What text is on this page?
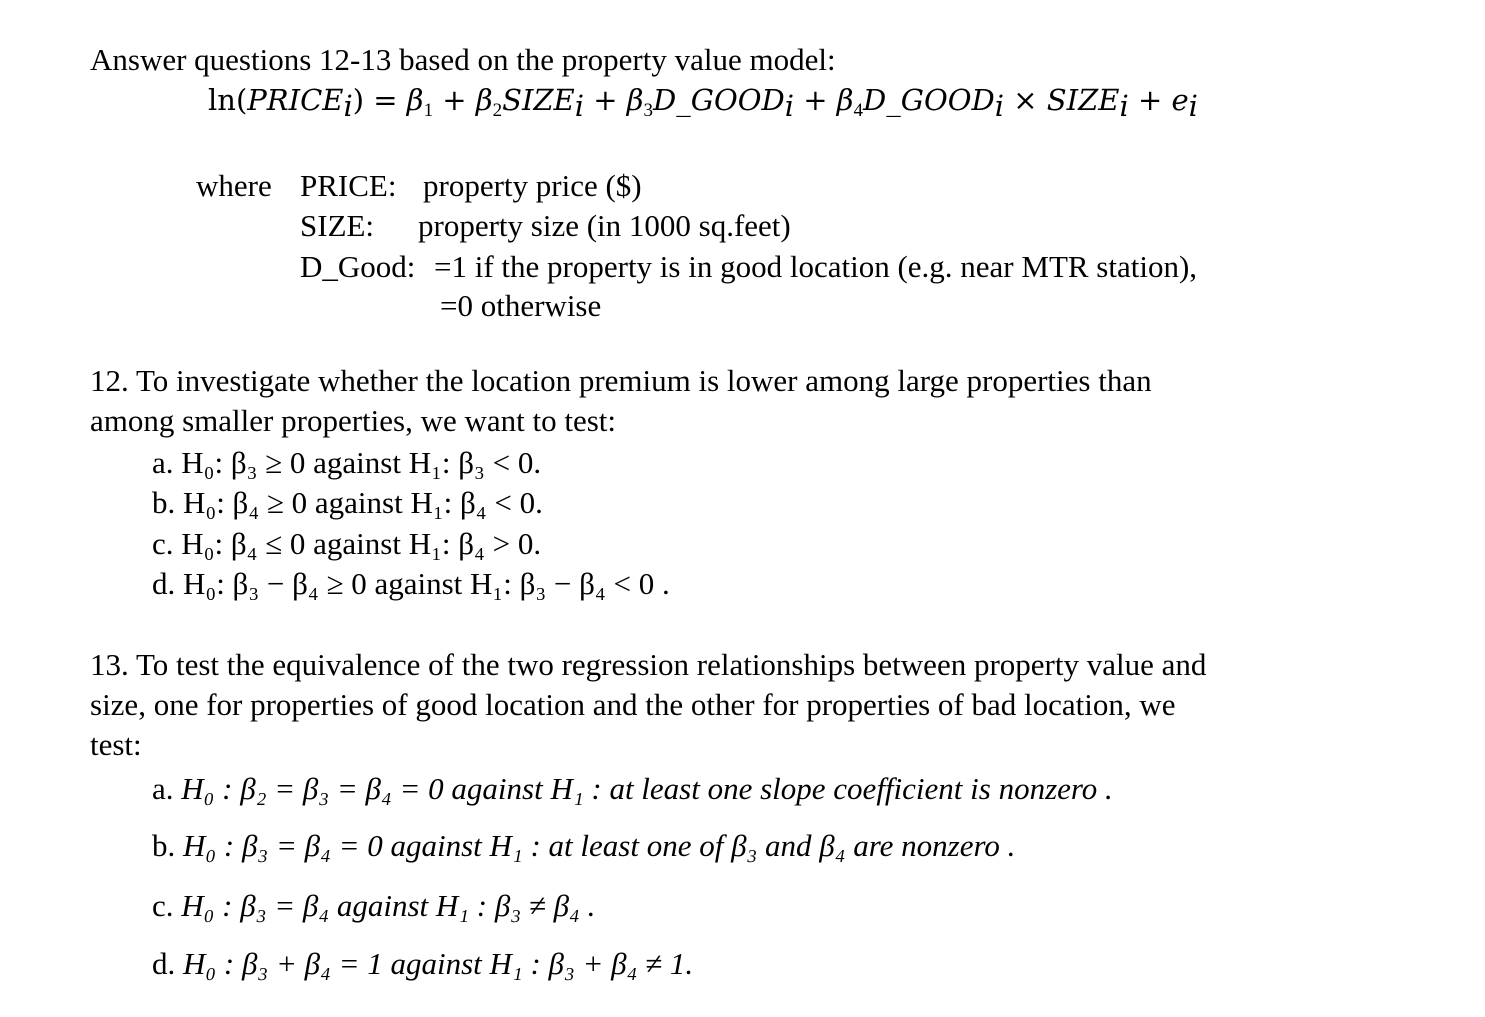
Answer questions 12-13 based on the property value model:
$\ln(PRICE_i) = \beta_1$ + $\beta_2SIZE_i$ + $\beta_3D\_GOOD_i$ + $\beta_4D\_GOOD_i$ × $SIZE_i + e_i$
where PRICE: property price ($)
SIZE: property size (in 1000 sq.feet)
D_Good: =1 if the property is in good location (e.g. near MTR station),
=0 otherwise
12. To investigate whether the location premium is lower among large properties than
among smaller properties, we want to test:
a. H₀: β₃ ≥ 0 against H₁: β₃ < 0.
b. H₀: β₄ ≥ 0 against H₁: β₄ < 0.
c. H₀: β₄ ≤ 0 against H₁: β₄ > 0.
d. H₀: β₃ − β₄ ≥ 0 against H₁: β₃ − β₄ < 0 .
13. To test the equivalence of the two regression relationships between property value and
size, one for properties of good location and the other for properties of bad location, we
test:
a. H₀ : β₂ = β₃ = β₄ = 0 against H₁ : at least one slope coefficient is nonzero .
b. H₀ : β₃ = β₄ = 0 against H₁ : at least one of β₃ and β₄ are nonzero .
c. H₀ : β₃ = β₄ against H₁ : β₃ ≠ β₄ .
d. H₀ : β₃ + β₄ = 1 against H₁ : β₃ + β₄ ≠ 1.
